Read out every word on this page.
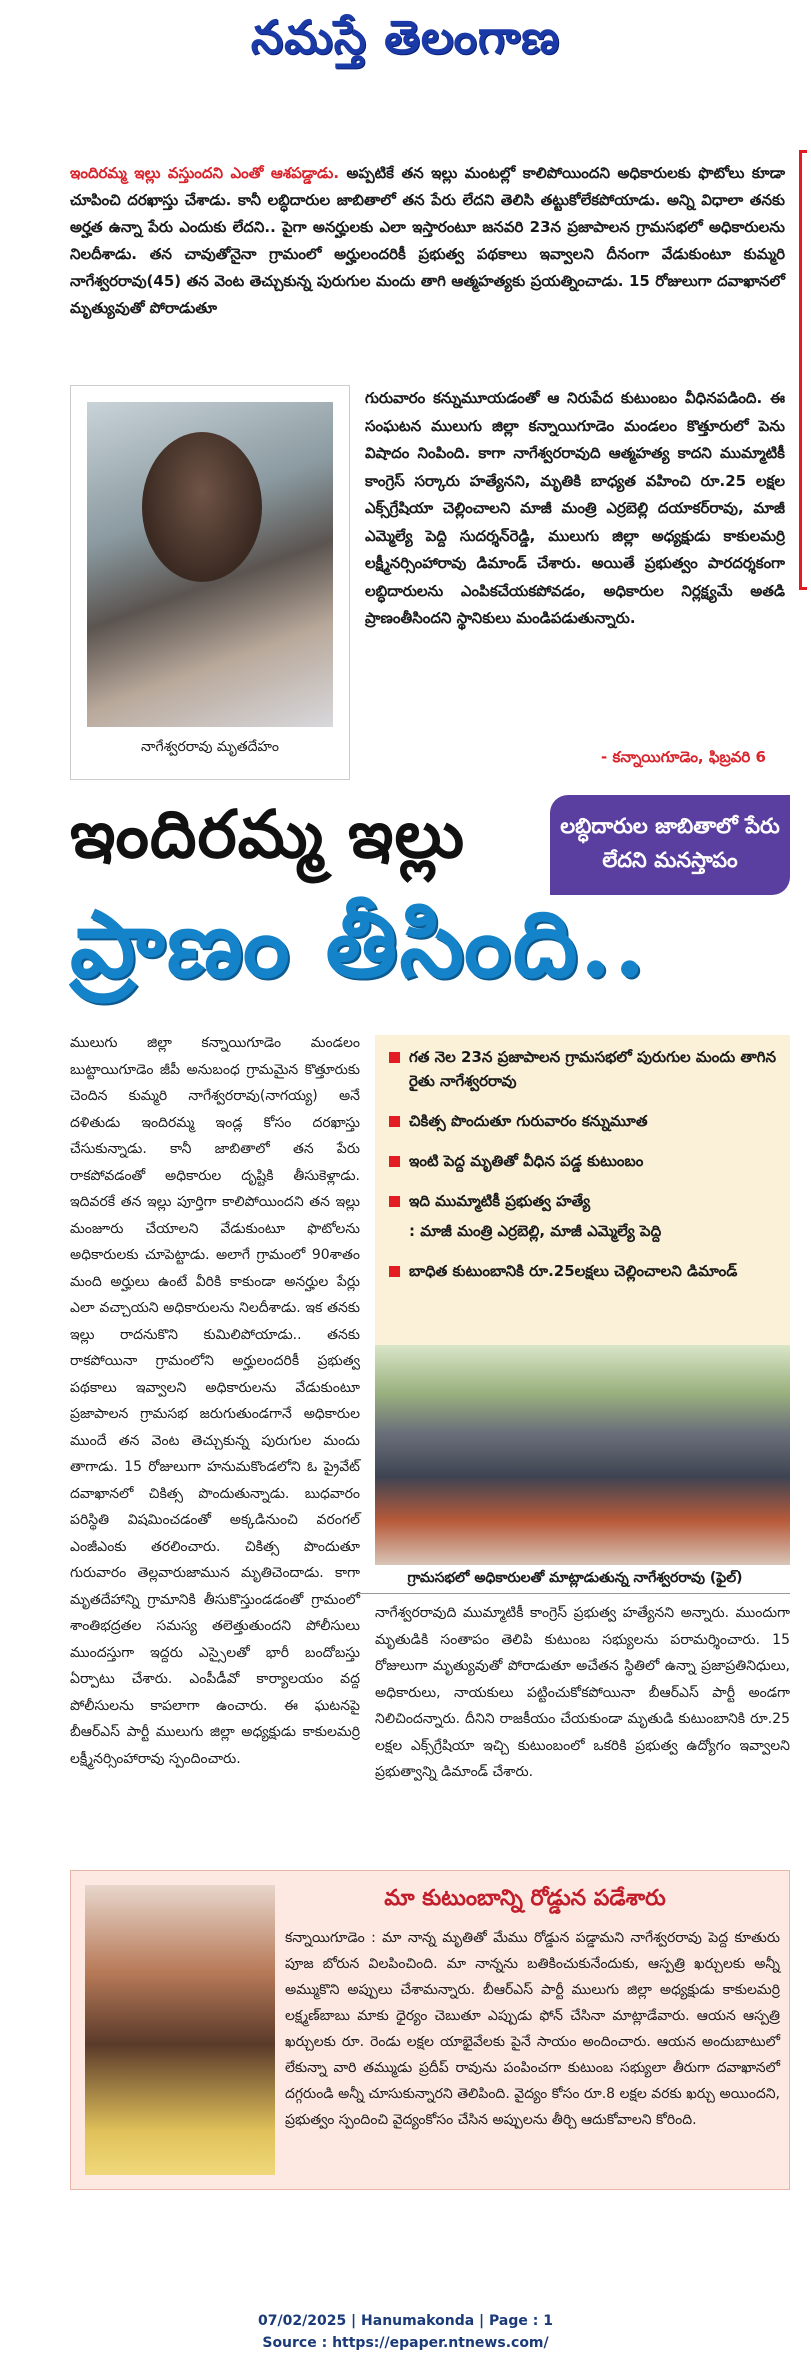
నమస్తే తెలంగాణ
ఇందిరమ్మ ఇల్లు వస్తుందని ఎంతో ఆశపడ్డాడు. అప్పటికే తన ఇల్లు మంటల్లో కాలిపోయిందని అధికారులకు ఫొటోలు కూడా చూపించి దరఖాస్తు చేశాడు. కానీ లబ్ధిదారుల జాబితాలో తన పేరు లేదని తెలిసి తట్టుకోలేకపోయాడు. అన్ని విధాలా తనకు అర్హత ఉన్నా పేరు ఎందుకు లేదని.. పైగా అనర్హులకు ఎలా ఇస్తారంటూ జనవరి 23న ప్రజాపాలన గ్రామసభలో అధికారులను నిలదీశాడు. తన చావుతోనైనా గ్రామంలో అర్హులందరికీ ప్రభుత్వ పథకాలు ఇవ్వాలని దీనంగా వేడుకుంటూ కుమ్మరి నాగేశ్వరరావు(45) తన వెంట తెచ్చుకున్న పురుగుల మందు తాగి ఆత్మహత్యకు ప్రయత్నించాడు. 15 రోజులుగా దవాఖానలో మృత్యువుతో పోరాడుతూ
నాగేశ్వరరావు మృతదేహం
గురువారం కన్నుమూయడంతో ఆ నిరుపేద కుటుంబం వీధినపడింది. ఈ సంఘటన ములుగు జిల్లా కన్నాయిగూడెం మండలం కొత్తూరులో పెను విషాదం నింపింది. కాగా నాగేశ్వరరావుది ఆత్మహత్య కాదని ముమ్మాటికీ కాంగ్రెస్ సర్కారు హత్యేనని, మృతికి బాధ్యత వహించి రూ.25 లక్షల ఎక్స్‌గ్రేషియా చెల్లించాలని మాజీ మంత్రి ఎర్రబెల్లి దయాకర్‌రావు, మాజీ ఎమ్మెల్యే పెద్ది సుదర్శన్‌రెడ్డి, ములుగు జిల్లా అధ్యక్షుడు కాకులమర్రి లక్ష్మీనర్సింహారావు డిమాండ్ చేశారు. అయితే ప్రభుత్వం పారదర్శకంగా లబ్ధిదారులను ఎంపికచేయకపోవడం, అధికారుల నిర్లక్ష్యమే అతడి ప్రాణంతీసిందని స్థానికులు మండిపడుతున్నారు.
- కన్నాయిగూడెం, ఫిబ్రవరి 6
ఇందిరమ్మ ఇల్లు	లబ్ధిదారుల జాబితాలో పేరు లేదని మనస్తాపం
ప్రాణం తీసింది..
ములుగు జిల్లా కన్నాయిగూడెం మండలం బుట్టాయిగూడెం జీపీ అనుబంధ గ్రామమైన కొత్తూరుకు చెందిన కుమ్మరి నాగేశ్వరరావు(నాగయ్య) అనే దళితుడు ఇందిరమ్మ ఇండ్ల కోసం దరఖాస్తు చేసుకున్నాడు. కానీ జాబితాలో తన పేరు రాకపోవడంతో అధికారుల దృష్టికి తీసుకెళ్లాడు. ఇదివరకే తన ఇల్లు పూర్తిగా కాలిపోయిందని తన ఇల్లు మంజూరు చేయాలని వేడుకుంటూ ఫొటోలను అధికారులకు చూపెట్టాడు. అలాగే గ్రామంలో 90శాతం మంది అర్హులు ఉంటే వీరికి కాకుండా అనర్హుల పేర్లు ఎలా వచ్చాయని అధికారులను నిలదీశాడు. ఇక తనకు ఇల్లు రాదనుకొని కుమిలిపోయాడు.. తనకు రాకపోయినా గ్రామంలోని అర్హులందరికీ ప్రభుత్వ పథకాలు ఇవ్వాలని అధికారులను వేడుకుంటూ ప్రజాపాలన గ్రామసభ జరుగుతుండగానే అధికారుల ముందే తన వెంట తెచ్చుకున్న పురుగుల మందు తాగాడు. 15 రోజులుగా హనుమకొండలోని ఓ ప్రైవేట్ దవాఖానలో చికిత్స పొందుతున్నాడు. బుధవారం పరిస్థితి విషమించడంతో అక్కడినుంచి వరంగల్ ఎంజీఎంకు తరలించారు. చికిత్స పొందుతూ గురువారం తెల్లవారుజామున మృతిచెందాడు. కాగా మృతదేహాన్ని గ్రామానికి తీసుకొస్తుండడంతో గ్రామంలో శాంతిభద్రతల సమస్య తలెత్తుతుందని పోలీసులు ముందస్తుగా ఇద్దరు ఎస్సైలతో భారీ బందోబస్తు ఏర్పాటు చేశారు. ఎంపీడీవో కార్యాలయం వద్ద పోలీసులను కాపలాగా ఉంచారు. ఈ ఘటనపై బీఆర్ఎస్ పార్టీ ములుగు జిల్లా అధ్యక్షుడు కాకులమర్రి లక్ష్మీనర్సింహారావు స్పందించారు.
గత నెల 23న ప్రజాపాలన గ్రామసభలో పురుగుల మందు తాగిన రైతు నాగేశ్వరరావు
చికిత్స పొందుతూ గురువారం కన్నుమూత
ఇంటి పెద్ద మృతితో వీధిన పడ్డ కుటుంబం
ఇది ముమ్మాటికీ ప్రభుత్వ హత్యే
: మాజీ మంత్రి ఎర్రబెల్లి, మాజీ ఎమ్మెల్యే పెద్ది
బాధిత కుటుంబానికి రూ.25లక్షలు చెల్లించాలని డిమాండ్
గ్రామసభలో అధికారులతో మాట్లాడుతున్న నాగేశ్వరరావు (ఫైల్)
నాగేశ్వరరావుది ముమ్మాటికీ కాంగ్రెస్ ప్రభుత్వ హత్యేనని అన్నారు. ముందుగా మృతుడికి సంతాపం తెలిపి కుటుంబ సభ్యులను పరామర్శించారు. 15 రోజులుగా మృత్యువుతో పోరాడుతూ అచేతన స్థితిలో ఉన్నా ప్రజాప్రతినిధులు, అధికారులు, నాయకులు పట్టించుకోకపోయినా బీఆర్ఎస్ పార్టీ అండగా నిలిచిందన్నారు. దీనిని రాజకీయం చేయకుండా మృతుడి కుటుంబానికి రూ.25 లక్షల ఎక్స్‌గ్రేషియా ఇచ్చి కుటుంబంలో ఒకరికి ప్రభుత్వ ఉద్యోగం ఇవ్వాలని ప్రభుత్వాన్ని డిమాండ్ చేశారు.
మా కుటుంబాన్ని రోడ్డున పడేశారు
కన్నాయిగూడెం : మా నాన్న మృతితో మేము రోడ్డున పడ్డామని నాగేశ్వరరావు పెద్ద కూతురు పూజ బోరున విలపించింది. మా నాన్నను బతికించుకునేందుకు, ఆస్పత్రి ఖర్చులకు అన్నీ అమ్ముకొని అప్పులు చేశామన్నారు. బీఆర్ఎస్ పార్టీ ములుగు జిల్లా అధ్యక్షుడు కాకులమర్రి లక్ష్మణ్‌బాబు మాకు ధైర్యం చెబుతూ ఎప్పుడు ఫోన్ చేసినా మాట్లాడేవారు. ఆయన ఆస్పత్రి ఖర్చులకు రూ. రెండు లక్షల యాభైవేలకు పైనే సాయం అందించారు. ఆయన అందుబాటులో లేకున్నా వారి తమ్ముడు ప్రదీప్ రావును పంపించగా కుటుంబ సభ్యులా తీరుగా దవాఖానలో దగ్గరుండి అన్నీ చూసుకున్నారని తెలిపింది. వైద్యం కోసం రూ.8 లక్షల వరకు ఖర్చు అయిందని, ప్రభుత్వం స్పందించి వైద్యంకోసం చేసిన అప్పులను తీర్చి ఆదుకోవాలని కోరింది.
07/02/2025 | Hanumakonda | Page : 1
Source : https://epaper.ntnews.com/
